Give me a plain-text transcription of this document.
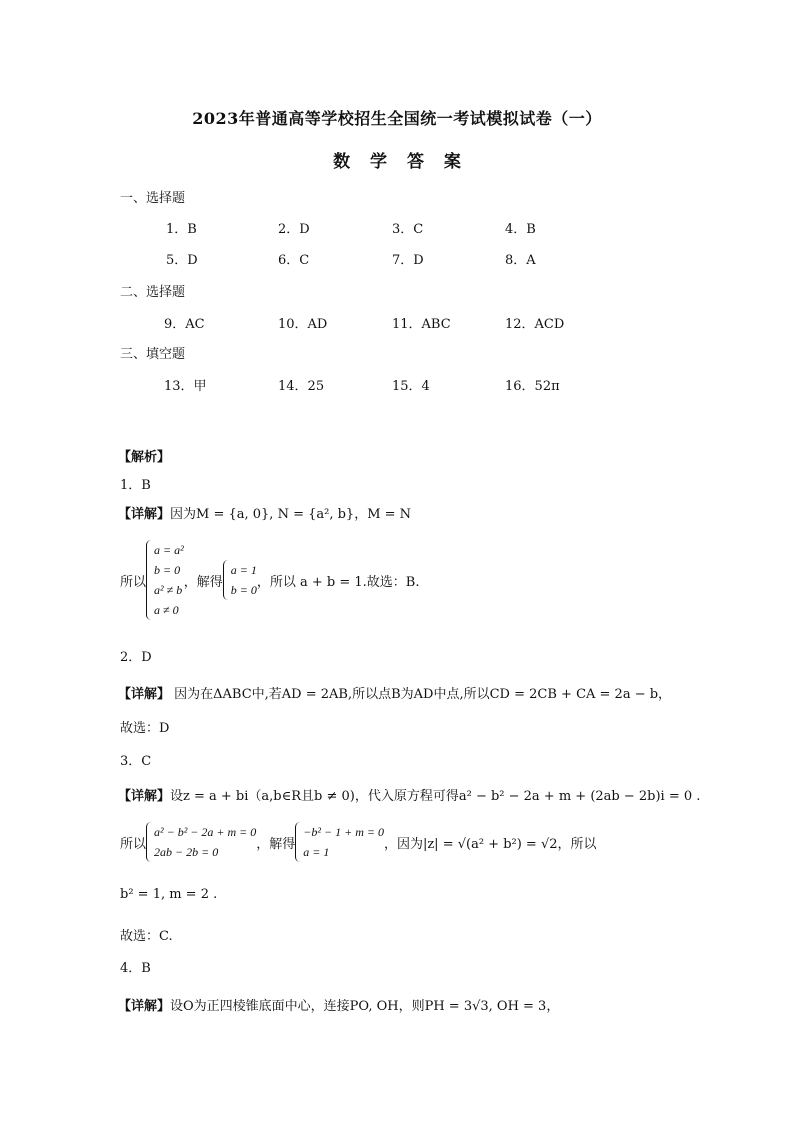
2023年普通高等学校招生全国统一考试模拟试卷（一）
数 学 答 案
一、选择题
1．B	2．D	3．C	4．B
5．D	6．C	7．D	8．A
二、选择题
9．AC	10．AD	11．ABC	12．ACD
三、填空题
13．甲	14．25	15．4	16．52π
【解析】
1．B
【详解】因为M = {a, 0}, N = {a², b}，M = N
所以
a = a²
b = 0
a² ≠ b
a ≠ 0
，解得
a = 1
b = 0
，所以 a + b = 1.故选：B.
2．D
【详解】 因为在ΔABC中,若AD = 2AB,所以点B为AD中点,所以CD = 2CB + CA = 2a − b，
故选：D
3．C
【详解】设z = a + bi（a,b∈R且b ≠ 0)，代入原方程可得a² − b² − 2a + m + (2ab − 2b)i = 0 .
所以
a² − b² − 2a + m = 0
2ab − 2b = 0
，解得
−b² − 1 + m = 0
a = 1
，因为|z| = √(a² + b²) = √2，所以
b² = 1, m = 2 .
故选：C.
4．B
【详解】设O为正四棱锥底面中心，连接PO, OH，则PH = 3√3, OH = 3，
